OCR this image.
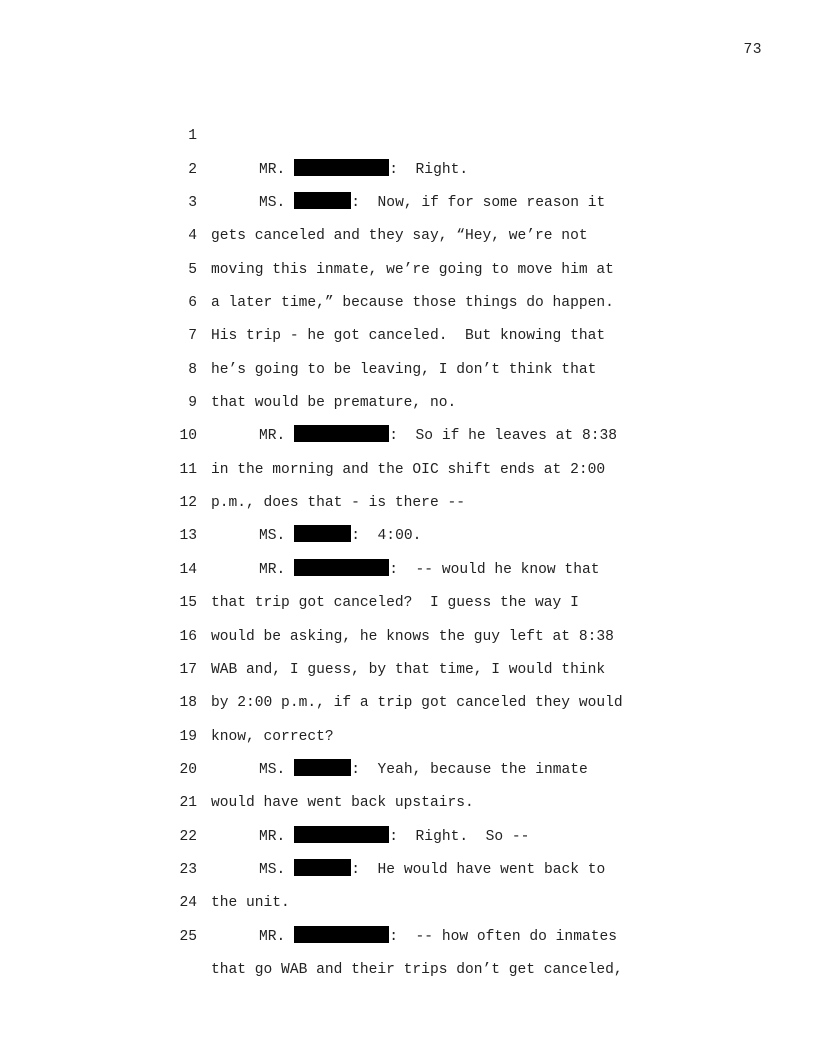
73

1

MR.	:  Right.

2

MS.	:  Now, if for some reason it

3

gets canceled and they say, “Hey, we’re not

4

moving this inmate, we’re going to move him at

5

a later time,” because those things do happen.

6

His trip - he got canceled.  But knowing that

7

he’s going to be leaving, I don’t think that

8

that would be premature, no.

9

MR.	:  So if he leaves at 8:38

10

in the morning and the OIC shift ends at 2:00

11

p.m., does that - is there --

12

MS.	:  4:00.

13

MR.	:  -- would he know that

14

that trip got canceled?  I guess the way I

15

would be asking, he knows the guy left at 8:38

16

WAB and, I guess, by that time, I would think

17

by 2:00 p.m., if a trip got canceled they would

18

know, correct?

19

MS.	:  Yeah, because the inmate

20

would have went back upstairs.

21

MR.	:  Right.  So --

22

MS.	:  He would have went back to

23

the unit.

24

MR.	:  -- how often do inmates

25

that go WAB and their trips don’t get canceled,
